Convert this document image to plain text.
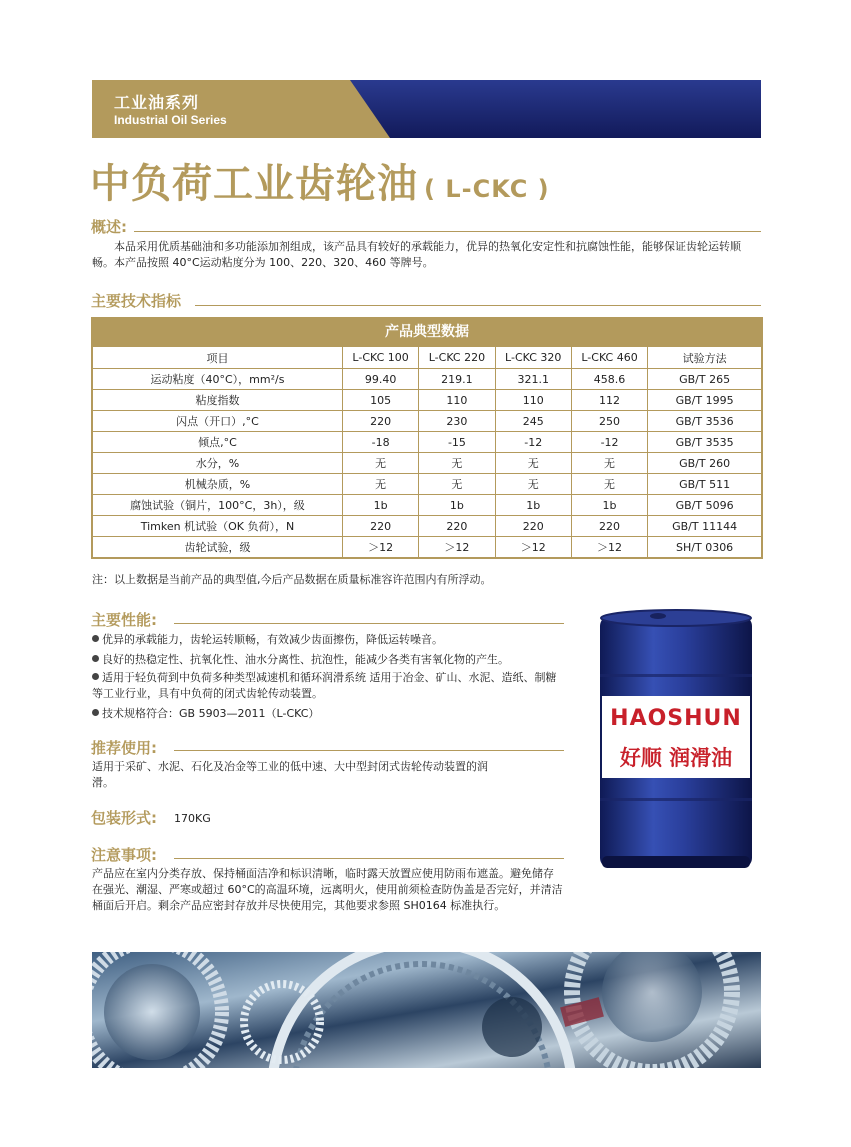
工业油系列
Industrial Oil Series
中负荷工业齿轮油 ( L-CKC )
概述:
本品采用优质基础油和多功能添加剂组成，该产品具有较好的承载能力，优异的热氧化安定性和抗腐蚀性能，能够保证齿轮运转顺畅。本产品按照 40°C运动粘度分为 100、220、320、460 等牌号。
主要技术指标
产品典型数据
项目	L-CKC 100	L-CKC 220	L-CKC 320	L-CKC 460	试验方法
运动粘度（40°C），mm²/s	99.40	219.1	321.1	458.6	GB/T 265
粘度指数	105	110	110	112	GB/T 1995
闪点（开口）,°C	220	230	245	250	GB/T 3536
倾点,°C	-18	-15	-12	-12	GB/T 3535
水分，%	无	无	无	无	GB/T 260
机械杂质，%	无	无	无	无	GB/T 511
腐蚀试验（铜片，100°C，3h），级	1b	1b	1b	1b	GB/T 5096
Timken 机试验（OK 负荷），N	220	220	220	220	GB/T 11144
齿轮试验，级	＞12	＞12	＞12	＞12	SH/T 0306
注：以上数据是当前产品的典型值,今后产品数据在质量标准容许范围内有所浮动。
主要性能:
优异的承载能力，齿轮运转顺畅，有效减少齿面擦伤，降低运转噪音。
良好的热稳定性、抗氧化性、油水分离性、抗泡性，能减少各类有害氧化物的产生。
适用于轻负荷到中负荷多种类型减速机和循环润滑系统 适用于冶金、矿山、水泥、造纸、制糖等工业行业，具有中负荷的闭式齿轮传动装置。
技术规格符合：GB 5903—2011（L-CKC）
推荐使用:
适用于采矿、水泥、石化及冶金等工业的低中速、大中型封闭式齿轮传动装置的润滑。
包装形式: 170KG
注意事项:
产品应在室内分类存放、保持桶面洁净和标识清晰，临时露天放置应使用防雨布遮盖。避免储存在强光、潮湿、严寒或超过 60°C的高温环境，远离明火，使用前须检查防伪盖是否完好，并清洁桶面后开启。剩余产品应密封存放并尽快使用完，其他要求参照 SH0164 标准执行。
HAOSHUN
好顺 润滑油
